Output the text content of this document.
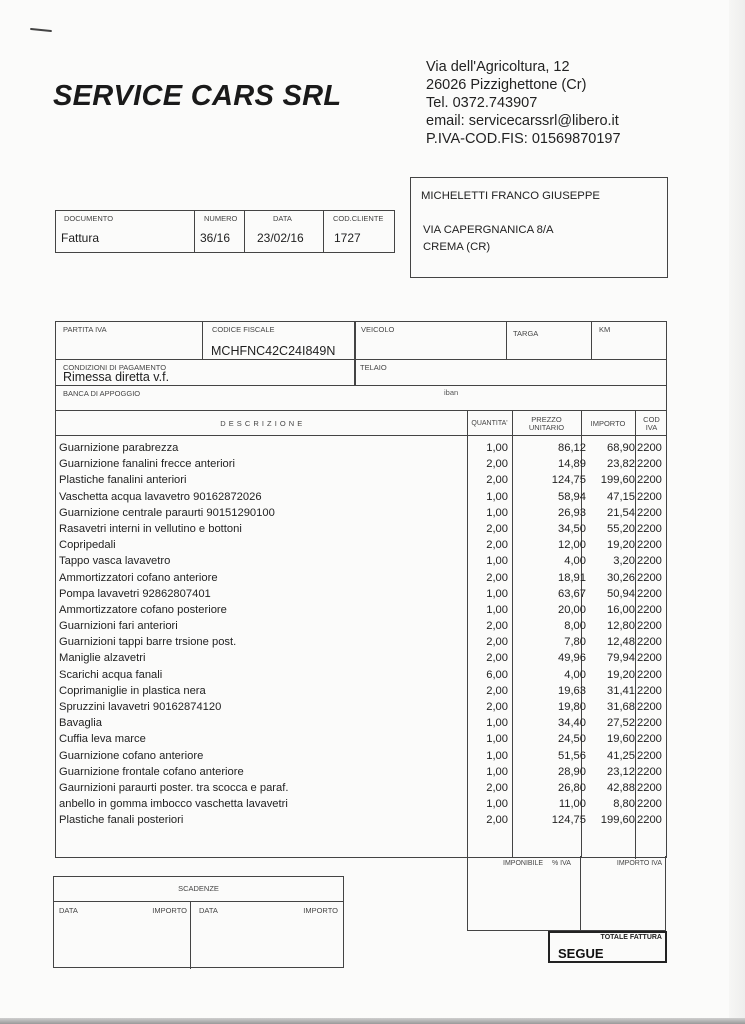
SERVICE CARS SRL
Via dell'Agricoltura, 12
26026 Pizzighettone (Cr)
Tel. 0372.743907
email: servicecarssrl@libero.it
P.IVA-COD.FIS: 01569870197
DOCUMENTO
Fattura
NUMERO
36/16
DATA
23/02/16
COD.CLIENTE
1727
MICHELETTI FRANCO GIUSEPPE
VIA CAPERGNANICA 8/A
CREMA (CR)
PARTITA IVA	CODICE FISCALE
MCHFNC42C24I849N
VEICOLO	TARGA	KM
CONDIZIONI DI PAGAMENTO
Rimessa diretta v.f.
TELAIO
BANCA DI APPOGGIO	iban
D E S C R I Z I O N E	QUANTITA'	PREZZO
UNITARIO	IMPORTO	COD
IVA
Guarnizione parabrezza	1,00	86,12	68,90 2200
Guarnizione fanalini frecce anteriori	2,00	14,89	23,82 2200
Plastiche fanalini anteriori	2,00	124,75	199,60 2200
Vaschetta acqua lavavetro 90162872026	1,00	58,94	47,15 2200
Guarnizione centrale paraurti 90151290100	1,00	26,93	21,54 2200
Rasavetri interni in vellutino e bottoni	2,00	34,50	55,20 2200
Copripedali	2,00	12,00	19,20 2200
Tappo vasca lavavetro	1,00	4,00	3,20 2200
Ammortizzatori cofano anteriore	2,00	18,91	30,26 2200
Pompa lavavetri 92862807401	1,00	63,67	50,94 2200
Ammortizzatore cofano posteriore	1,00	20,00	16,00 2200
Guarnizioni fari anteriori	2,00	8,00	12,80 2200
Guarnizioni tappi barre trsione post.	2,00	7,80	12,48 2200
Maniglie alzavetri	2,00	49,96	79,94 2200
Scarichi acqua fanali	6,00	4,00	19,20 2200
Coprimaniglie in plastica nera	2,00	19,63	31,41 2200
Spruzzini lavavetri 90162874120	2,00	19,80	31,68 2200
Bavaglia	1,00	34,40	27,52 2200
Cuffia leva marce	1,00	24,50	19,60 2200
Guarnizione cofano anteriore	1,00	51,56	41,25 2200
Guarnizione frontale cofano anteriore	1,00	28,90	23,12 2200
Gaurnizioni paraurti poster. tra scocca e paraf.	2,00	26,80	42,88 2200
anbello in gomma imbocco vaschetta lavavetri	1,00	11,00	8,80 2200
Plastiche fanali posteriori	2,00	124,75	199,60 2200
IMPONIBILE % IVA	IMPORTO IVA
TOTALE FATTURA
SEGUE
SCADENZE
DATA	IMPORTO DATA	IMPORTO
